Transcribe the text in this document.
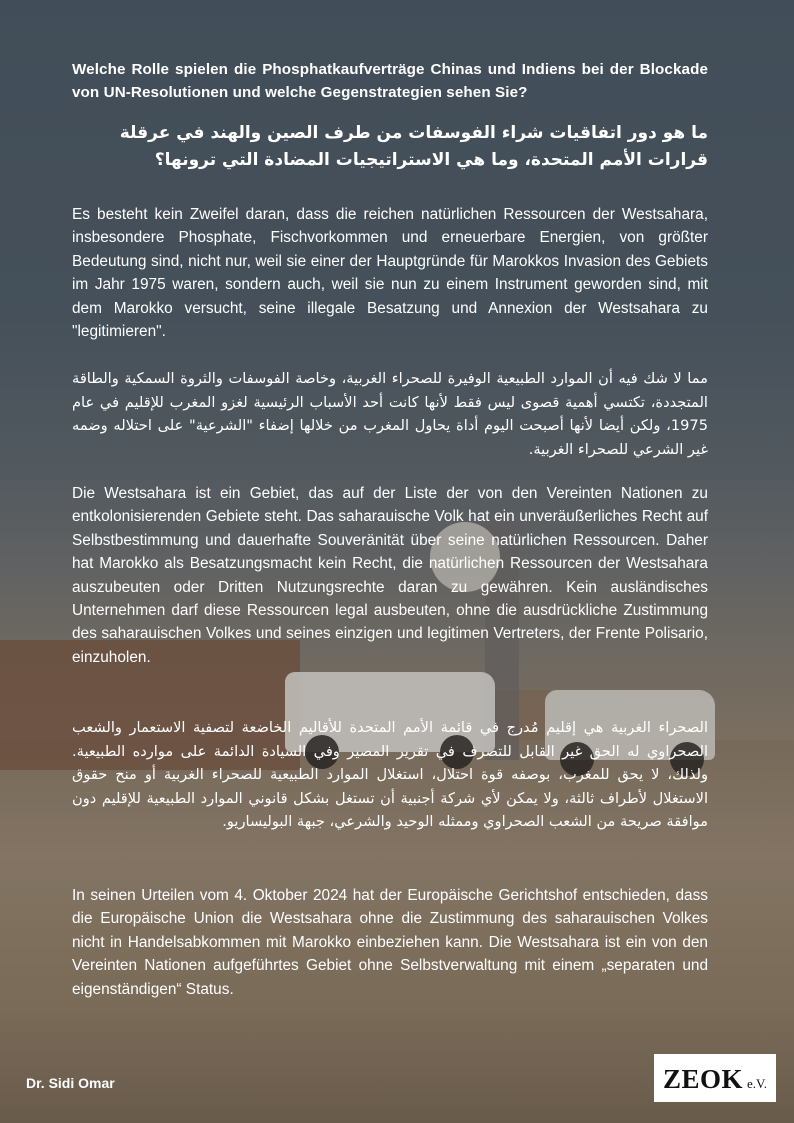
Welche Rolle spielen die Phosphatkaufverträge Chinas und Indiens bei der Blockade von UN-Resolutionen und welche Gegenstrategien sehen Sie?
ما هو دور اتفاقيات شراء الفوسفات من طرف الصين والهند في عرقلة قرارات الأمم المتحدة، وما هي الاستراتيجيات المضادة التي ترونها؟
Es besteht kein Zweifel daran, dass die reichen natürlichen Ressourcen der Westsahara, insbesondere Phosphate, Fischvorkommen und erneuerbare Energien, von größter Bedeutung sind, nicht nur, weil sie einer der Hauptgründe für Marokkos Invasion des Gebiets im Jahr 1975 waren, sondern auch, weil sie nun zu einem Instrument geworden sind, mit dem Marokko versucht, seine illegale Besatzung und Annexion der Westsahara zu "legitimieren".
مما لا شك فيه أن الموارد الطبيعية الوفيرة للصحراء الغربية، وخاصة الفوسفات والثروة السمكية والطاقة المتجددة، تكتسي أهمية قصوى ليس فقط لأنها كانت أحد الأسباب الرئيسية لغزو المغرب للإقليم في عام 1975، ولكن أيضا لأنها أصبحت اليوم أداة يحاول المغرب من خلالها إضفاء "الشرعية" على احتلاله وضمه غير الشرعي للصحراء الغربية.
Die Westsahara ist ein Gebiet, das auf der Liste der von den Vereinten Nationen zu entkolonisierenden Gebiete steht. Das saharauische Volk hat ein unveräußerliches Recht auf Selbstbestimmung und dauerhafte Souveränität über seine natürlichen Ressourcen. Daher hat Marokko als Besatzungsmacht kein Recht, die natürlichen Ressourcen der Westsahara auszubeuten oder Dritten Nutzungsrechte daran zu gewähren. Kein ausländisches Unternehmen darf diese Ressourcen legal ausbeuten, ohne die ausdrückliche Zustimmung des saharauischen Volkes und seines einzigen und legitimen Vertreters, der Frente Polisario, einzuholen.
الصحراء الغربية هي إقليم مُدرج في قائمة الأمم المتحدة للأقاليم الخاضعة لتصفية الاستعمار والشعب الصحراوي له الحق غير القابل للتصرف في تقرير المصير وفي السيادة الدائمة على موارده الطبيعية. ولذلك، لا يحق للمغرب، بوصفه قوة احتلال، استغلال الموارد الطبيعية للصحراء الغربية أو منح حقوق الاستغلال لأطراف ثالثة، ولا يمكن لأي شركة أجنبية أن تستغل بشكل قانوني الموارد الطبيعية للإقليم دون موافقة صريحة من الشعب الصحراوي وممثله الوحيد والشرعي، جبهة البوليساريو.
In seinen Urteilen vom 4. Oktober 2024 hat der Europäische Gerichtshof entschieden, dass die Europäische Union die Westsahara ohne die Zustimmung des saharauischen Volkes nicht in Handelsabkommen mit Marokko einbeziehen kann. Die Westsahara ist ein von den Vereinten Nationen aufgeführtes Gebiet ohne Selbstverwaltung mit einem „separaten und eigenständigen“ Status.
Dr. Sidi Omar	ZEOK e.V.
